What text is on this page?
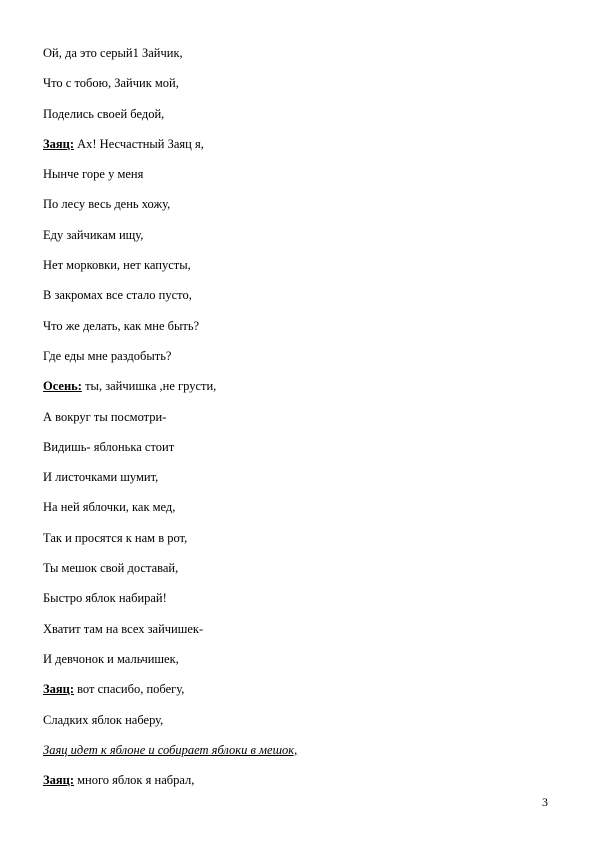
Ой, да это серый1 Зайчик,
Что с тобою, Зайчик мой,
Поделись своей бедой,
Заяц: Ах! Несчастный Заяц я,
Нынче горе у меня
По лесу весь день хожу,
Еду зайчикам ищу,
Нет морковки, нет капусты,
В закромах все стало пусто,
Что же делать, как мне быть?
Где еды мне раздобыть?
Осень: ты, зайчишка ,не грусти,
А вокруг ты посмотри-
Видишь- яблонька стоит
И листочками шумит,
На ней яблочки, как мед,
Так и просятся к нам в рот,
Ты мешок свой доставай,
Быстро яблок набирай!
Хватит там на всех зайчишек-
И девчонок и мальчишек,
Заяц: вот спасибо, побегу,
Сладких яблок наберу,
Заяц идет к яблоне и собирает яблоки в мешок,
Заяц: много яблок я набрал,
3
